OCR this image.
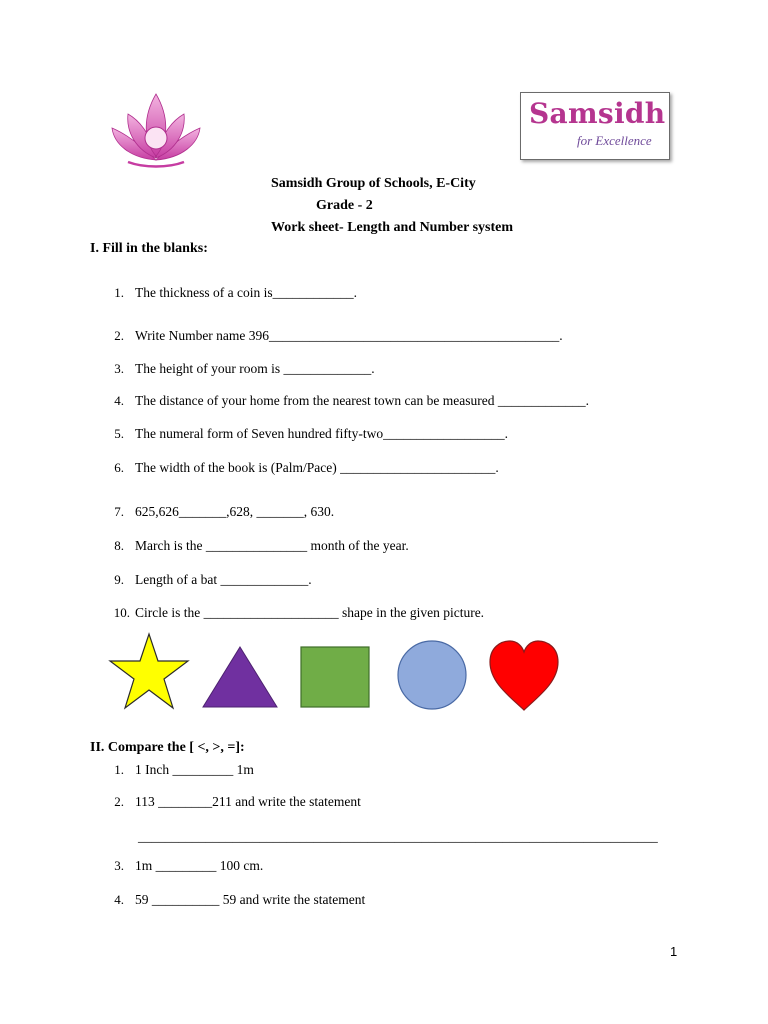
Samsidh
for Excellence
Samsidh Group of Schools, E-City
Grade - 2
Work sheet- Length and Number system
I. Fill in the blanks:
1. The thickness of a coin is____________.
2. Write Number name 396___________________________________________.
3. The height of your room is _____________.
4. The distance of your home from the nearest town can be measured _____________.
5. The numeral form of Seven hundred fifty-two__________________.
6. The width of the book is (Palm/Pace) _______________________.
7. 625,626_______,628, _______, 630.
8. March is the _______________ month of the year.
9. Length of a bat _____________.
10. Circle is the ____________________ shape in the given picture.
II. Compare the [ <, >, =]:
1. 1 Inch _________ 1m
2. 113 ________211 and write the statement
_____________________________________________________________________________
3. 1m _________ 100 cm.
4. 59 __________ 59 and write the statement
1
